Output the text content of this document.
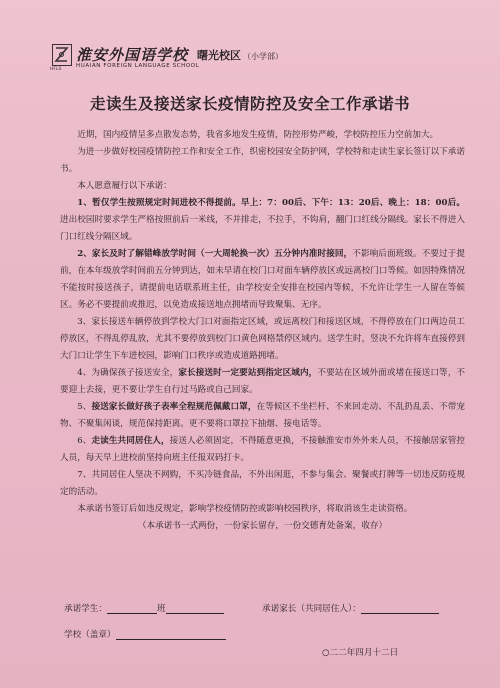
HFLS
淮安外国语学校
HUAIAN FOREIGN LANGUAGE SCHOOL
曙光校区 （小学部）
走读生及接送家长疫情防控及安全工作承诺书

近期，国内疫情呈多点散发态势，我省多地发生疫情，防控形势严峻，学校防控压力空前加大。

为进一步做好校园疫情防控工作和安全工作，织密校园安全防护网，学校特和走读生家长签订以下承诺书。

本人愿意履行以下承诺：

1、暂仅学生按照规定时间进校不得提前。早上：7：00后、下午：13：20后、晚上：18：00后。进出校园时要求学生严格按照前后一米线，不并排走，不拉手，不钩肩，翻门口红线分隔线。家长不得进入门口红线分隔区域。

2、家长及时了解错峰放学时间（一大周轮换一次）五分钟内准时接回，不影响后面班级。不要过于提前，在本年级放学时间前五分钟到达，如未早请在校门口对面车辆停放区或远离校门口等候。如因特殊情况不能按时接送孩子，请提前电话联系班主任，由学校安全安排在校园内等候，不允许让学生一人留在等候区。务必不要提前或推迟，以免造成接送地点拥堵而导致聚集、无序。

3、家长接送车辆停放到学校大门口对面指定区域，或远离校门和接送区域，不得停放在门口两边员工停放区，不得乱停乱放，尤其不要停放到校门口黄色网格禁停区域内。送学生时，竖决不允许将车直接停到大门口让学生下车进校园，影响门口秩序或造成道路拥堵。

4、为确保孩子接送安全，家长接送时一定要站到指定区域内，不要站在区域外面或堵在接送口等，不要迎上去接，更不要让学生自行过马路或自己回家。

5、接送家长做好孩子表率全程规范佩戴口罩，在等候区不坐栏杆、不来回走动、不乱扔乱丢、不带宠物、不聚集闲谈，规范保持距离。更不要将口罩拉下抽烟、接电话等。

6、走读生共同居住人，接送人必须固定，不得随意更换，不接触淮安市外外来人员，不接触居家管控人员，每天早上进校前坚持向班主任报双码打卡。

7、共同居住人坚决不网购，不买冷链食品，不外出闲逛，不参与集会、聚餐或打牌等一切违反防疫规定的活动。

本承诺书签订后如违反规定，影响学校疫情防控或影响校园秩序，将取消该生走读资格。

（本承诺书一式两份，一份家长留存，一份交德育处备案，收存）

承诺学生：	班	承诺家长（共同居住人）：
学校（盖章）
○二二年四月十二日
